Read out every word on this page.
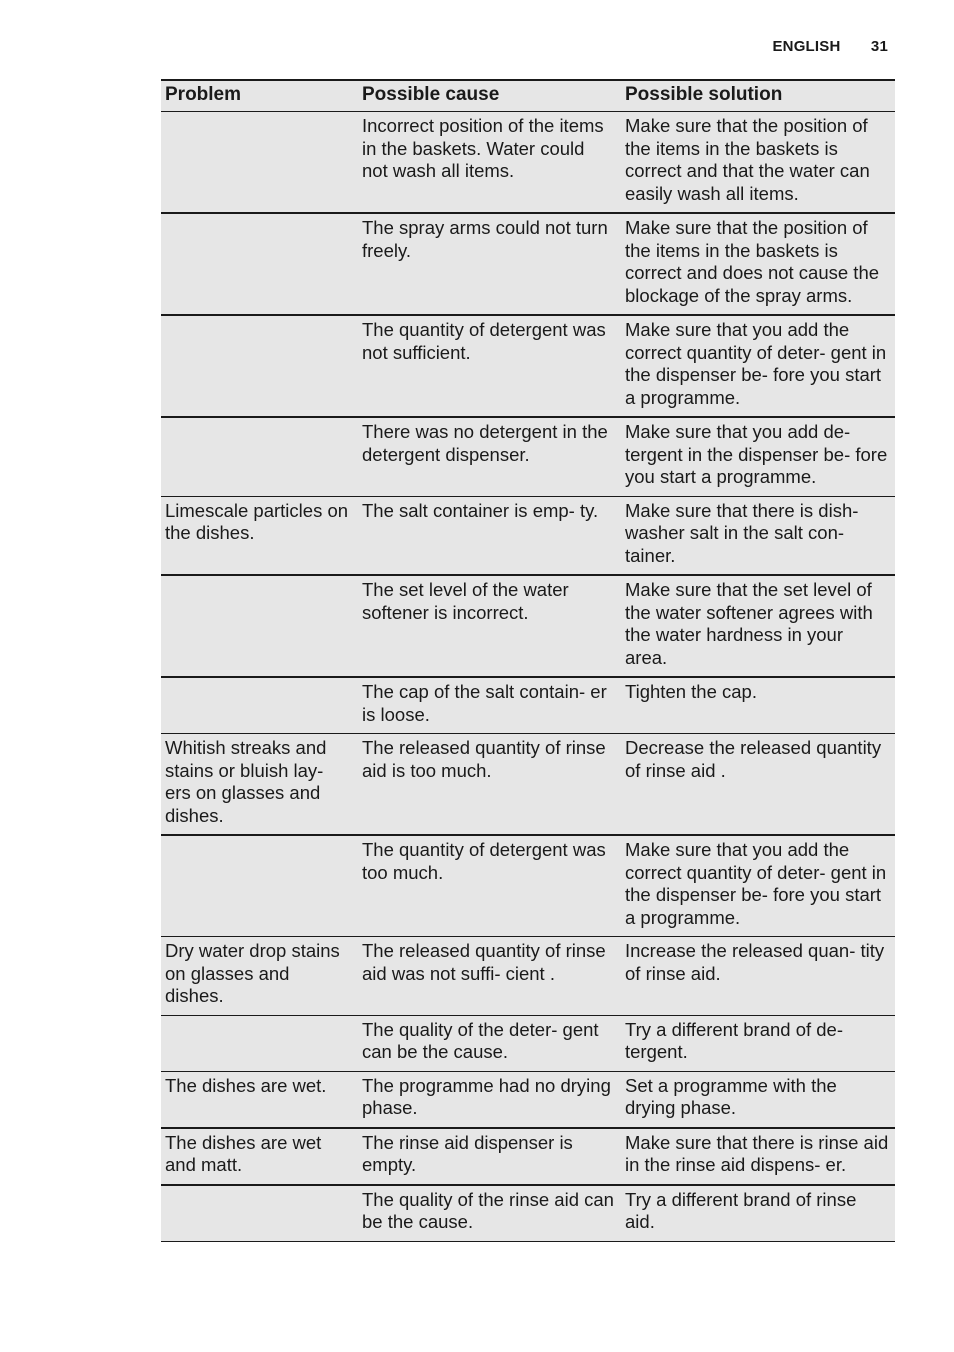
ENGLISH 31
Problem	Possible cause	Possible solution
	Incorrect position of the items in the baskets. Water could not wash all items.	Make sure that the position of the items in the baskets is correct and that the water can easily wash all items.
	The spray arms could not turn freely.	Make sure that the position of the items in the baskets is correct and does not cause the blockage of the spray arms.
	The quantity of detergent was not sufficient.	Make sure that you add the correct quantity of deter- gent in the dispenser be- fore you start a programme.
	There was no detergent in the detergent dispenser.	Make sure that you add de- tergent in the dispenser be- fore you start a programme.
Limescale particles on the dishes.	The salt container is emp- ty.	Make sure that there is dish- washer salt in the salt con- tainer.
	The set level of the water softener is incorrect.	Make sure that the set level of the water softener agrees with the water hardness in your area.
	The cap of the salt contain- er is loose.	Tighten the cap.
Whitish streaks and stains or bluish lay- ers on glasses and dishes.	The released quantity of rinse aid is too much.	Decrease the released quantity of rinse aid .
	The quantity of detergent was too much.	Make sure that you add the correct quantity of deter- gent in the dispenser be- fore you start a programme.
Dry water drop stains on glasses and dishes.	The released quantity of rinse aid was not suffi- cient .	Increase the released quan- tity of rinse aid.
	The quality of the deter- gent can be the cause.	Try a different brand of de- tergent.
The dishes are wet.	The programme had no drying phase.	Set a programme with the drying phase.
The dishes are wet and matt.	The rinse aid dispenser is empty.	Make sure that there is rinse aid in the rinse aid dispens- er.
	The quality of the rinse aid can be the cause.	Try a different brand of rinse aid.
